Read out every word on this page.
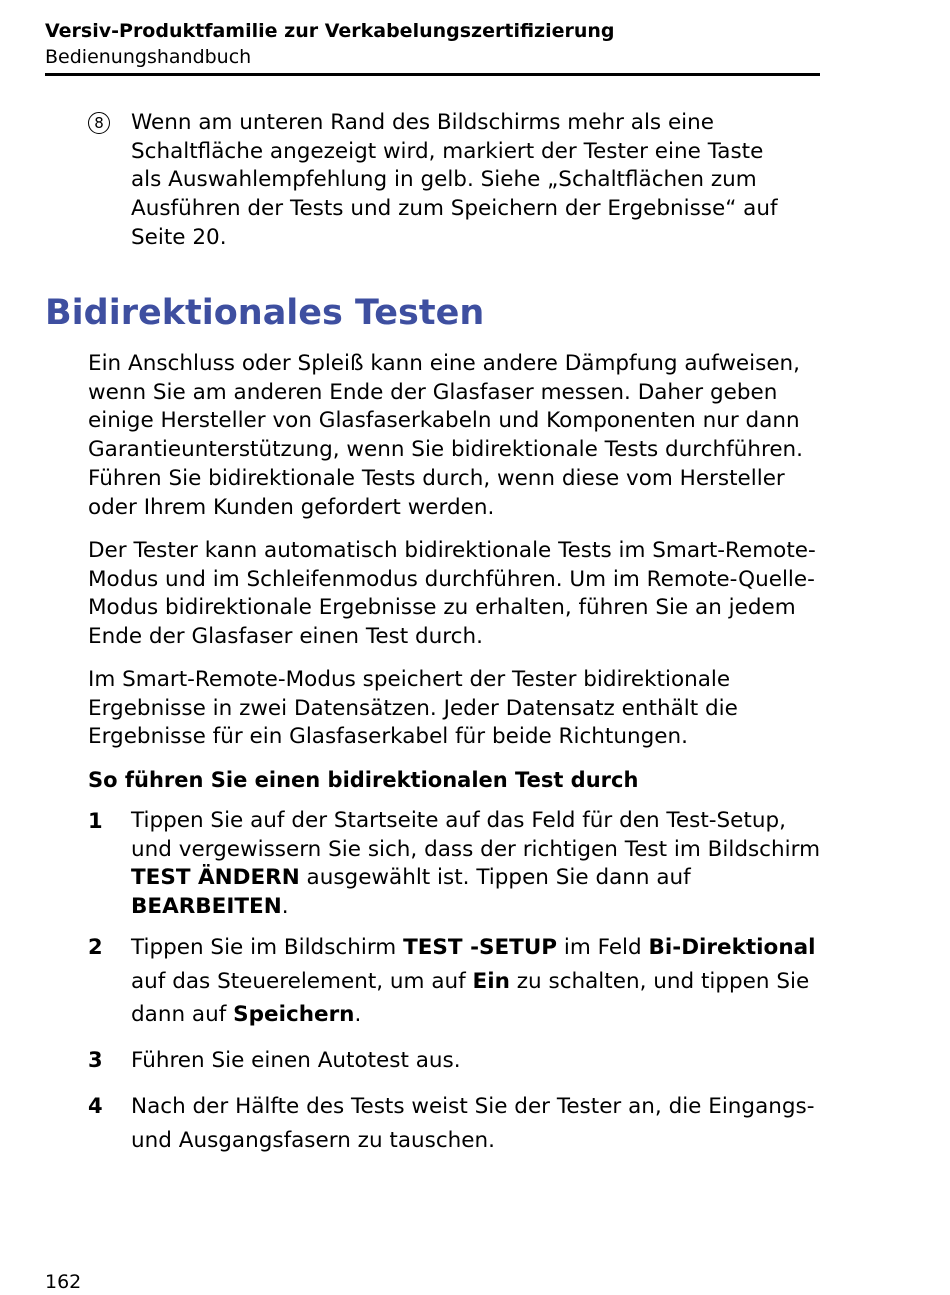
Versiv-Produktfamilie zur Verkabelungszertifizierung
Bedienungshandbuch
8 Wenn am unteren Rand des Bildschirms mehr als eine Schaltfläche angezeigt wird, markiert der Tester eine Taste als Auswahlempfehlung in gelb. Siehe „Schaltflächen zum Ausführen der Tests und zum Speichern der Ergebnisse“ auf Seite 20.
Bidirektionales Testen

Ein Anschluss oder Spleiß kann eine andere Dämpfung aufweisen, wenn Sie am anderen Ende der Glasfaser messen. Daher geben einige Hersteller von Glasfaserkabeln und Komponenten nur dann Garantieunterstützung, wenn Sie bidirektionale Tests durchführen. Führen Sie bidirektionale Tests durch, wenn diese vom Hersteller oder Ihrem Kunden gefordert werden.

Der Tester kann automatisch bidirektionale Tests im Smart-Remote-Modus und im Schleifenmodus durchführen. Um im Remote-Quelle-Modus bidirektionale Ergebnisse zu erhalten, führen Sie an jedem Ende der Glasfaser einen Test durch.

Im Smart-Remote-Modus speichert der Tester bidirektionale Ergebnisse in zwei Datensätzen. Jeder Datensatz enthält die Ergebnisse für ein Glasfaserkabel für beide Richtungen.

So führen Sie einen bidirektionalen Test durch
1 Tippen Sie auf der Startseite auf das Feld für den Test-Setup, und vergewissern Sie sich, dass der richtigen Test im Bildschirm TEST ÄNDERN ausgewählt ist. Tippen Sie dann auf BEARBEITEN.
2 Tippen Sie im Bildschirm TEST -SETUP im Feld Bi-Direktional auf das Steuerelement, um auf Ein zu schalten, und tippen Sie dann auf Speichern.
3 Führen Sie einen Autotest aus.
4 Nach der Hälfte des Tests weist Sie der Tester an, die Eingangs- und Ausgangsfasern zu tauschen.
162
